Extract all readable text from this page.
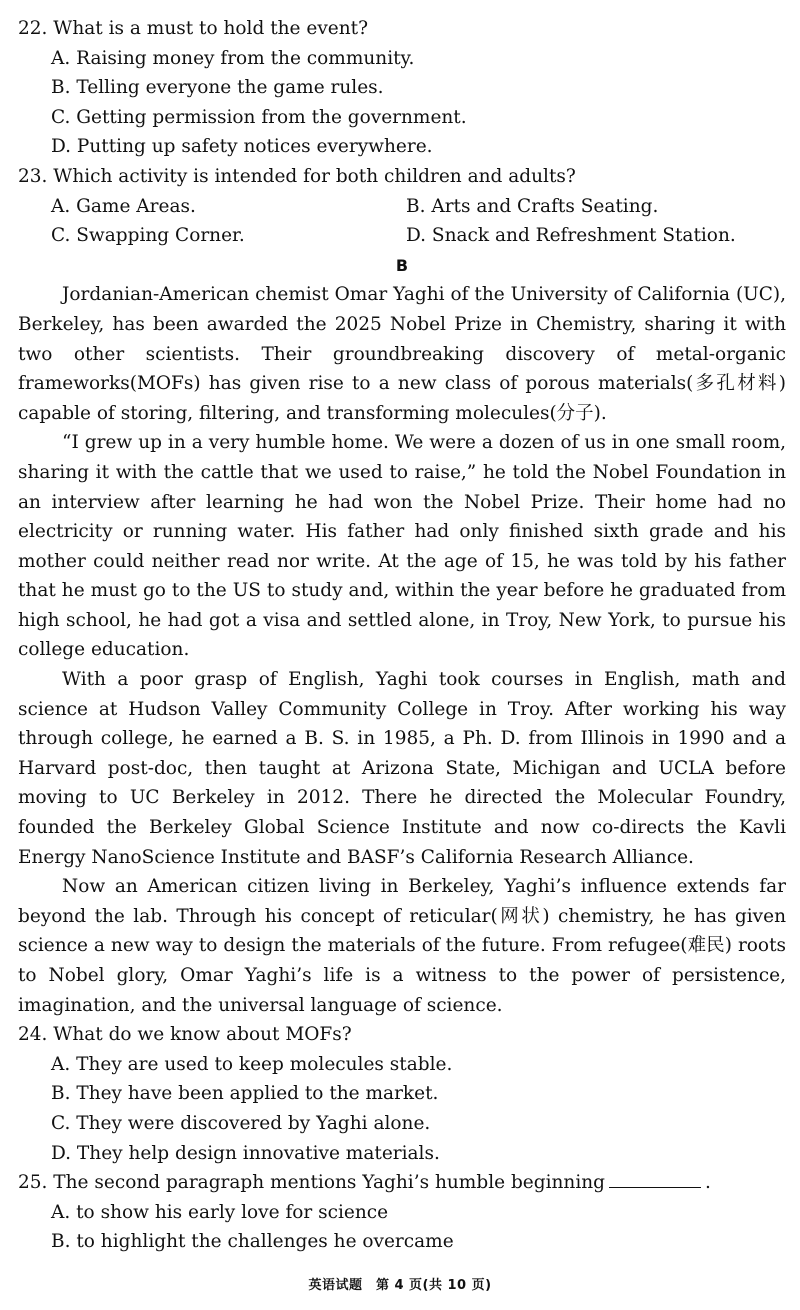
22. What is a must to hold the event?
A. Raising money from the community.
B. Telling everyone the game rules.
C. Getting permission from the government.
D. Putting up safety notices everywhere.
23. Which activity is intended for both children and adults?
A. Game Areas.	B. Arts and Crafts Seating.
C. Swapping Corner.	D. Snack and Refreshment Station.
B

Jordanian-American chemist Omar Yaghi of the University of California (UC), Berkeley, has been awarded the 2025 Nobel Prize in Chemistry, sharing it with two other scientists. Their groundbreaking discovery of metal-organic frameworks(MOFs) has given rise to a new class of porous materials(多孔材料) capable of storing, filtering, and transforming molecules(分子).

“I grew up in a very humble home. We were a dozen of us in one small room, sharing it with the cattle that we used to raise,” he told the Nobel Foundation in an interview after learning he had won the Nobel Prize. Their home had no electricity or running water. His father had only finished sixth grade and his mother could neither read nor write. At the age of 15, he was told by his father that he must go to the US to study and, within the year before he graduated from high school, he had got a visa and settled alone, in Troy, New York, to pursue his college education.

With a poor grasp of English, Yaghi took courses in English, math and science at Hudson Valley Community College in Troy. After working his way through college, he earned a B. S. in 1985, a Ph. D. from Illinois in 1990 and a Harvard post-doc, then taught at Arizona State, Michigan and UCLA before moving to UC Berkeley in 2012. There he directed the Molecular Foundry, founded the Berkeley Global Science Institute and now co-directs the Kavli Energy NanoScience Institute and BASF’s California Research Alliance.

Now an American citizen living in Berkeley, Yaghi’s influence extends far beyond the lab. Through his concept of reticular(网状) chemistry, he has given science a new way to design the materials of the future. From refugee(难民) roots to Nobel glory, Omar Yaghi’s life is a witness to the power of persistence, imagination, and the universal language of science.

24. What do we know about MOFs?
A. They are used to keep molecules stable.
B. They have been applied to the market.
C. They were discovered by Yaghi alone.
D. They help design innovative materials.
25. The second paragraph mentions Yaghi’s humble beginning	.
A. to show his early love for science
B. to highlight the challenges he overcame
英语试题　第 4 页(共 10 页)
